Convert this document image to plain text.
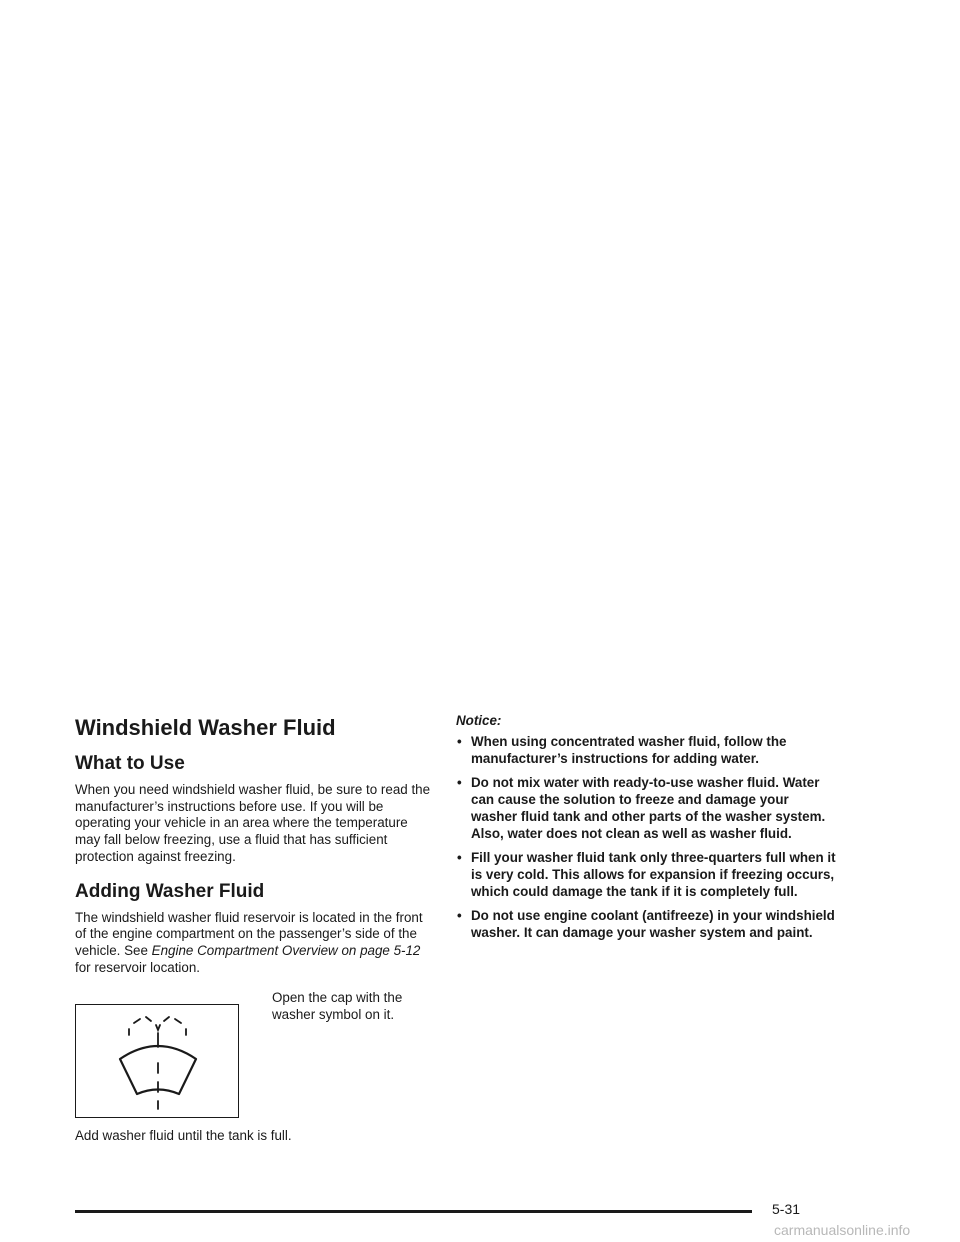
Windshield Washer Fluid
What to Use

When you need windshield washer fluid, be sure to read the manufacturer’s instructions before use. If you will be operating your vehicle in an area where the temperature may fall below freezing, use a fluid that has sufficient protection against freezing.

Adding Washer Fluid

The windshield washer fluid reservoir is located in the front of the engine compartment on the passenger’s side of the vehicle. See Engine Compartment Overview on page 5-12 for reservoir location.

Open the cap with the washer symbol on it.
Add washer fluid until the tank is full.
Notice:
• When using concentrated washer fluid, follow the manufacturer’s instructions for adding water.
• Do not mix water with ready-to-use washer fluid. Water can cause the solution to freeze and damage your washer fluid tank and other parts of the washer system. Also, water does not clean as well as washer fluid.
• Fill your washer fluid tank only three-quarters full when it is very cold. This allows for expansion if freezing occurs, which could damage the tank if it is completely full.
• Do not use engine coolant (antifreeze) in your windshield washer. It can damage your washer system and paint.
5-31
carmanualsonline.info
